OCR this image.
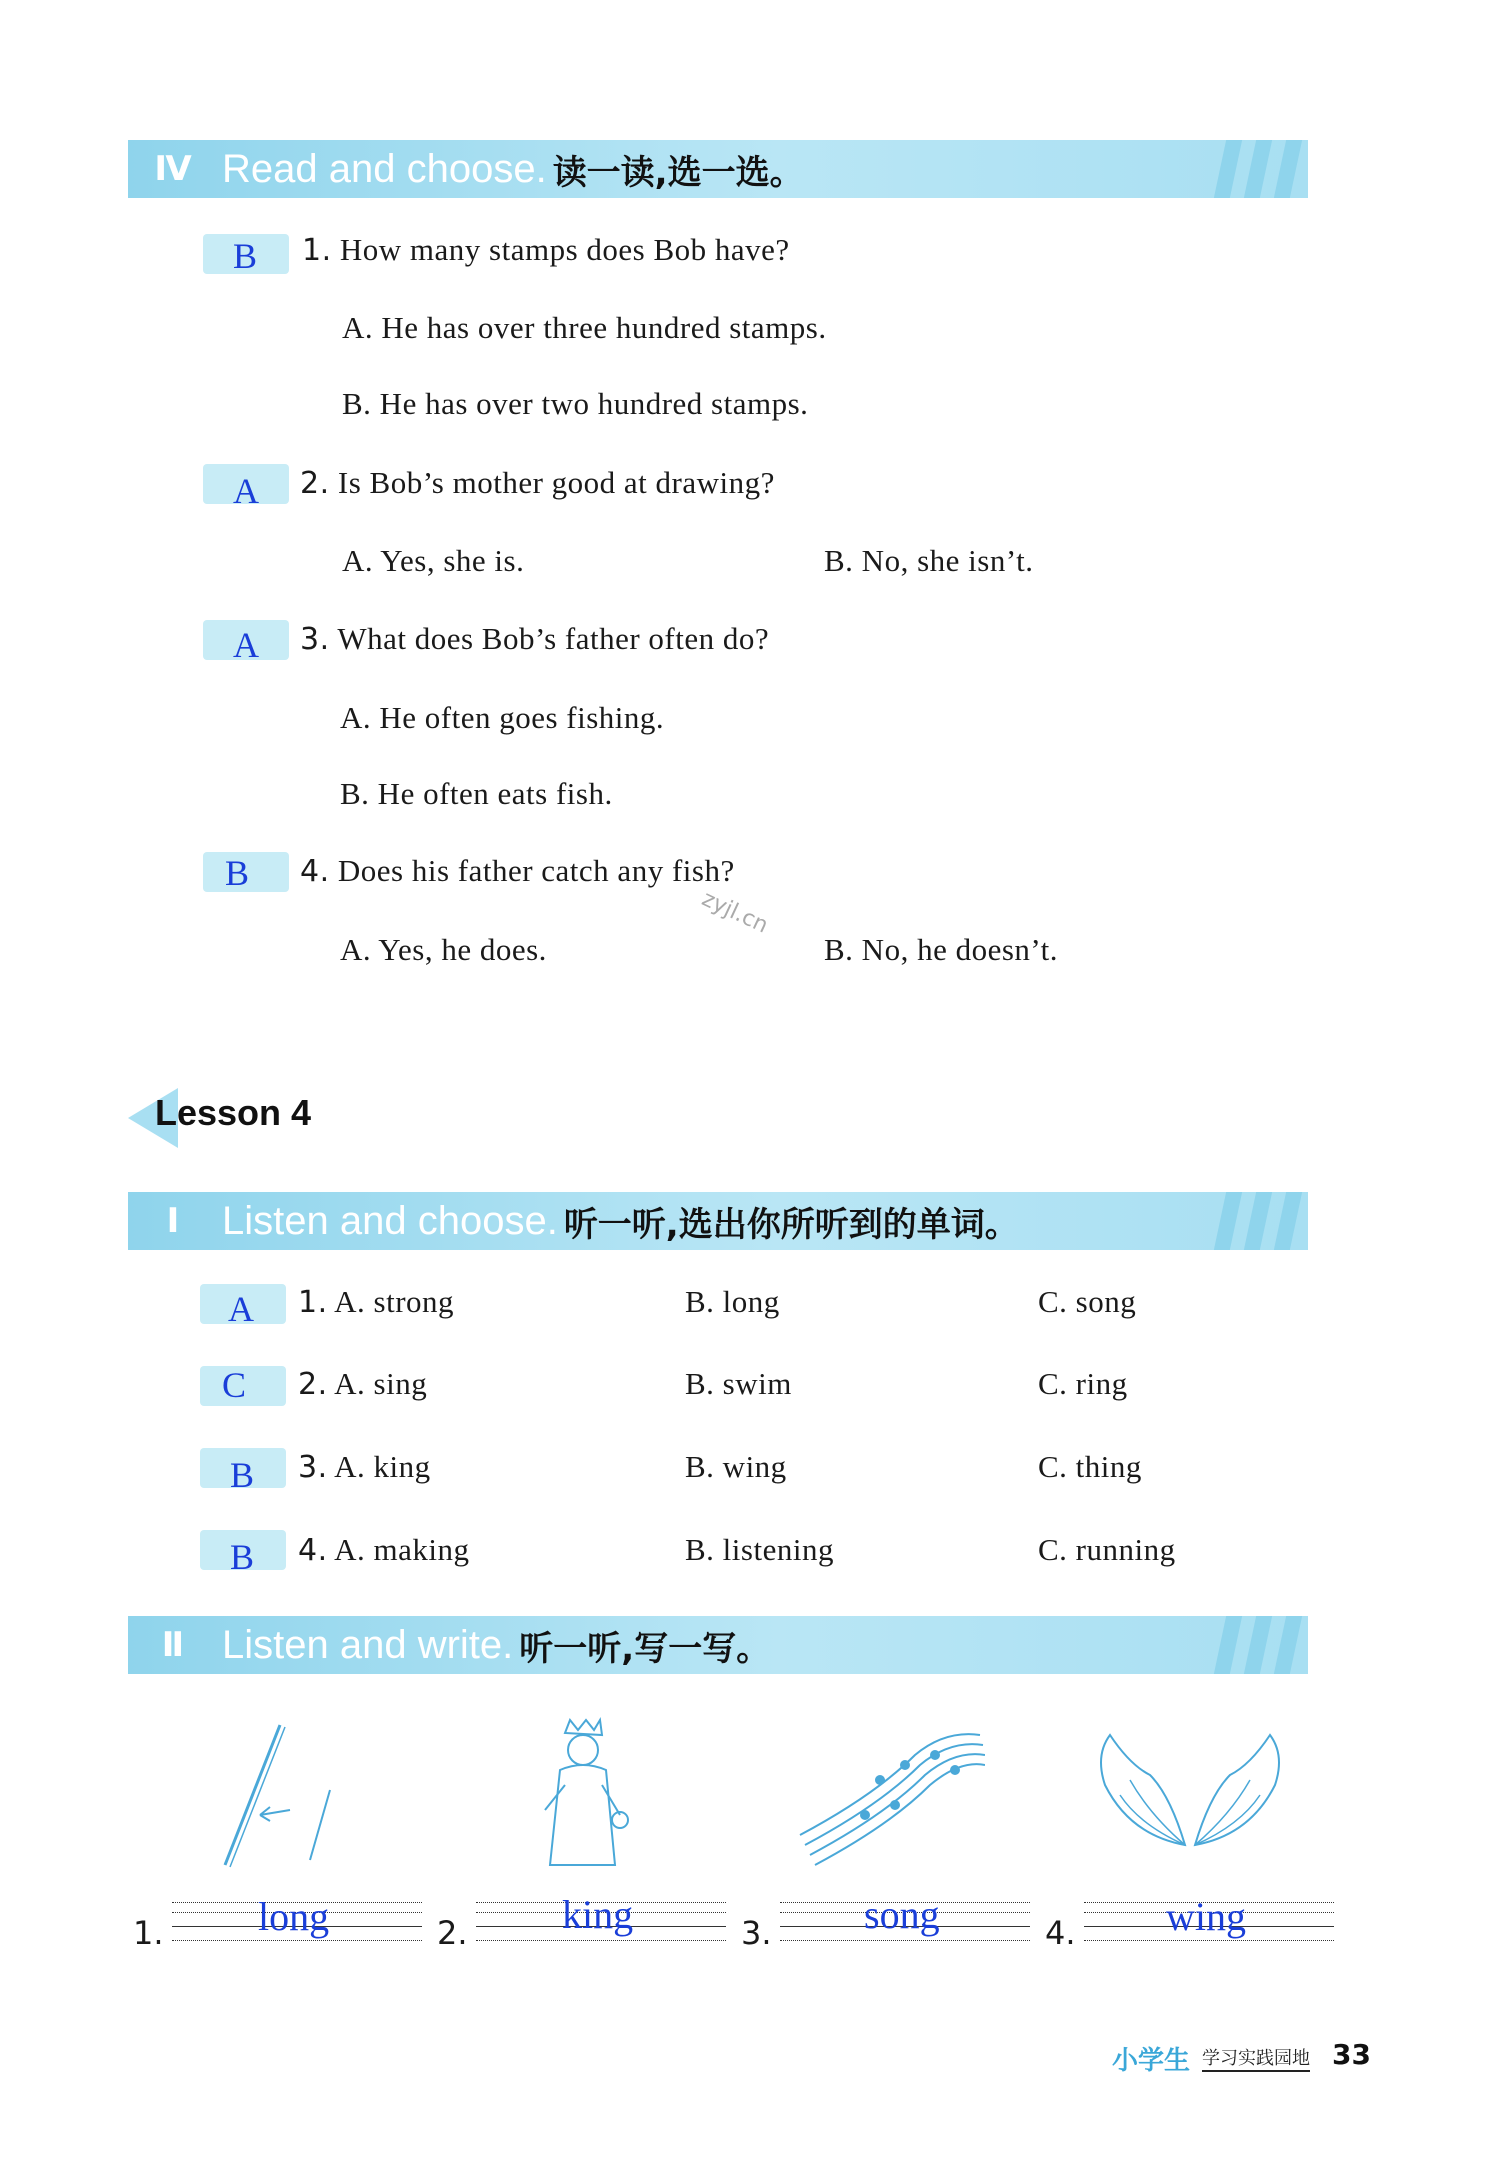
Ⅳ Read and choose. 读一读,选一选。
B 1. How many stamps does Bob have?
A. He has over three hundred stamps.
B. He has over two hundred stamps.
A 2. Is Bob’s mother good at drawing?
A. Yes, she is.	B. No, she isn’t.
A 3. What does Bob’s father often do?
A. He often goes fishing.
B. He often eats fish.
B 4. Does his father catch any fish?
A. Yes, he does.	B. No, he doesn’t.
zyjl.cn
Lesson 4
Ⅰ	Listen and choose. 听一听,选出你所听到的单词。
A 1. A. strong	B. long	C. song
C 2. A. sing	B. swim	C. ring
B 3. A. king	B. wing	C. thing
B 4. A. making	B. listening	C. running
Ⅱ Listen and write. 听一听,写一写。
1. long	2. king	3. song	4. wing
小学生 学习实践园地 33
